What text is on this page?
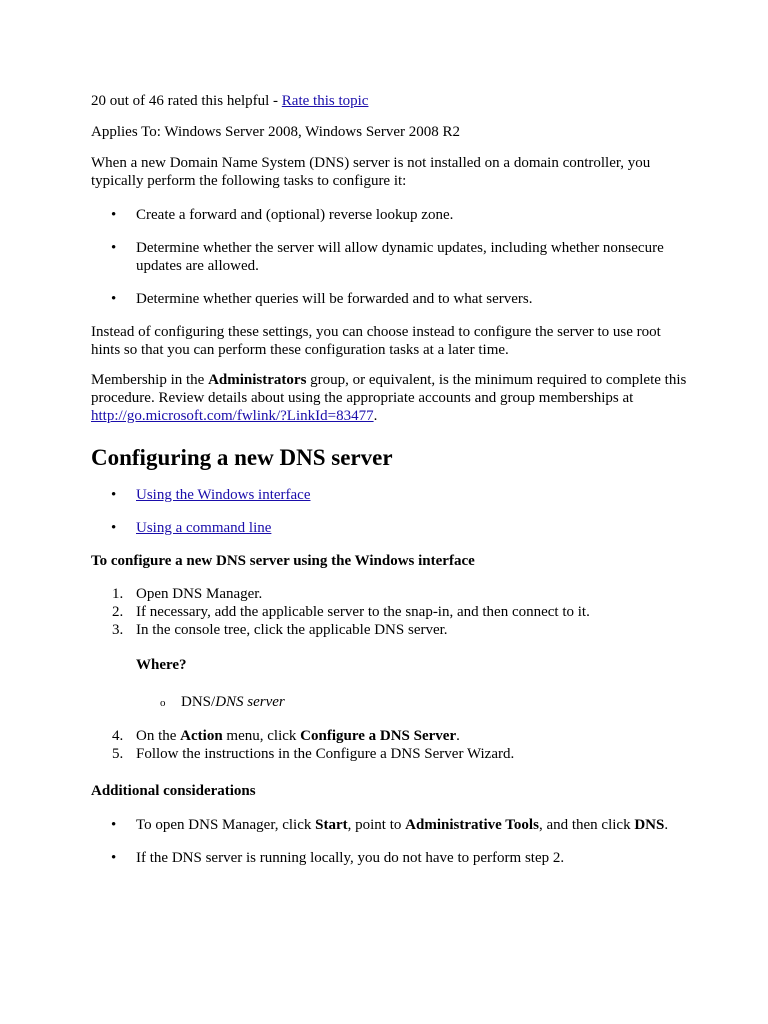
20 out of 46 rated this helpful - Rate this topic

Applies To: Windows Server 2008, Windows Server 2008 R2

When a new Domain Name System (DNS) server is not installed on a domain controller, you typically perform the following tasks to configure it:

• Create a forward and (optional) reverse lookup zone.
• Determine whether the server will allow dynamic updates, including whether nonsecure updates are allowed.
• Determine whether queries will be forwarded and to what servers.

Instead of configuring these settings, you can choose instead to configure the server to use root hints so that you can perform these configuration tasks at a later time.

Membership in the Administrators group, or equivalent, is the minimum required to complete this procedure. Review details about using the appropriate accounts and group memberships at http://go.microsoft.com/fwlink/?LinkId=83477.

Configuring a new DNS server
• Using the Windows interface
• Using a command line

To configure a new DNS server using the Windows interface

1. Open DNS Manager.
2. If necessary, add the applicable server to the snap-in, and then connect to it.
3. In the console tree, click the applicable DNS server.

Where?

o DNS/DNS server

4. On the Action menu, click Configure a DNS Server.
5. Follow the instructions in the Configure a DNS Server Wizard.

Additional considerations

• To open DNS Manager, click Start, point to Administrative Tools, and then click DNS.
• If the DNS server is running locally, you do not have to perform step 2.
